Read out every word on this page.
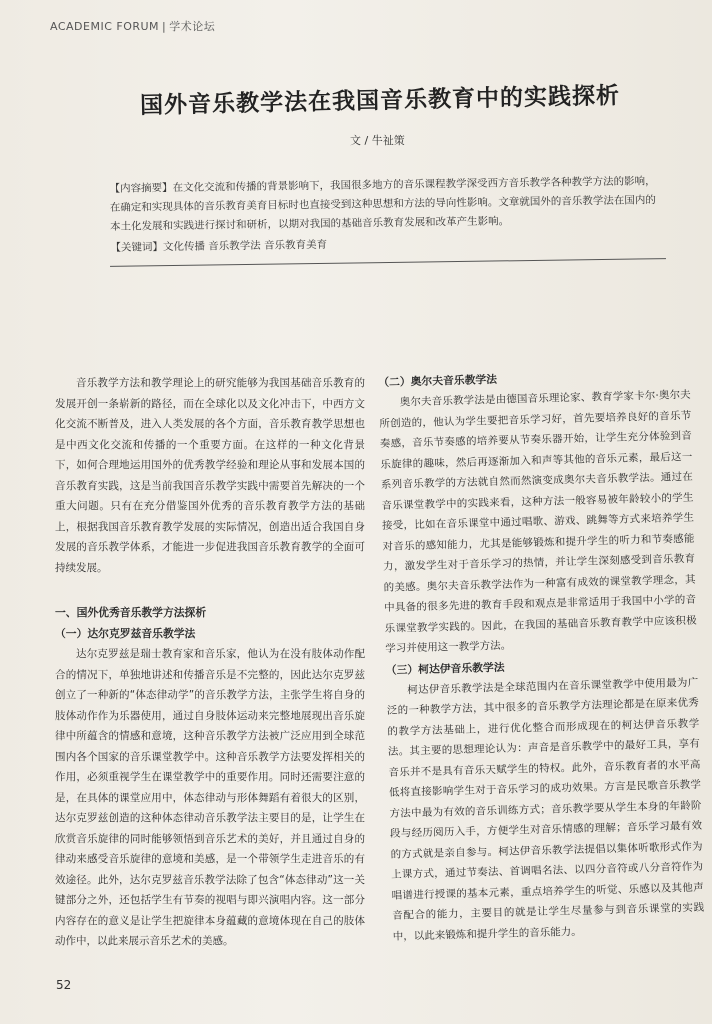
ACADEMIC FORUM | 学术论坛
国外音乐教学法在我国音乐教育中的实践探析
文 / 牛祉策
【内容摘要】在文化交流和传播的背景影响下，我国很多地方的音乐课程教学深受西方音乐教学各种教学方法的影响，在确定和实现具体的音乐教育美育目标时也直接受到这种思想和方法的导向性影响。文章就国外的音乐教学法在国内的本土化发展和实践进行探讨和研析，以期对我国的基础音乐教育发展和改革产生影响。
【关键词】文化传播 音乐教学法 音乐教育美育

音乐教学方法和教学理论上的研究能够为我国基础音乐教育的发展开创一条崭新的路径，而在全球化以及文化冲击下，中西方文化交流不断普及，进入人类发展的各个方面，音乐教育教学思想也是中西文化交流和传播的一个重要方面。在这样的一种文化背景下，如何合理地运用国外的优秀教学经验和理论从事和发展本国的音乐教育实践，这是当前我国音乐教学实践中需要首先解决的一个重大问题。只有在充分借鉴国外优秀的音乐教育教学方法的基础上，根据我国音乐教育教学发展的实际情况，创造出适合我国自身发展的音乐教学体系，才能进一步促进我国音乐教育教学的全面可持续发展。

一、国外优秀音乐教学方法探析
（一）达尔克罗兹音乐教学法

达尔克罗兹是瑞士教育家和音乐家，他认为在没有肢体动作配合的情况下，单独地讲述和传播音乐是不完整的，因此达尔克罗兹创立了一种新的“体态律动学”的音乐教学方法，主张学生将自身的肢体动作作为乐器使用，通过自身肢体运动来完整地展现出音乐旋律中所蕴含的情感和意境，这种音乐教学方法被广泛应用到全球范围内各个国家的音乐课堂教学中。这种音乐教学方法要发挥相关的作用，必须重视学生在课堂教学中的重要作用。同时还需要注意的是，在具体的课堂应用中，体态律动与形体舞蹈有着很大的区别，达尔克罗兹创造的这种体态律动音乐教学法主要目的是，让学生在欣赏音乐旋律的同时能够领悟到音乐艺术的美好，并且通过自身的律动来感受音乐旋律的意境和美感，是一个带领学生走进音乐的有效途径。此外，达尔克罗兹音乐教学法除了包含“体态律动”这一关键部分之外，还包括学生有节奏的视唱与即兴演唱内容。这一部分内容存在的意义是让学生把旋律本身蕴藏的意境体现在自己的肢体动作中，以此来展示音乐艺术的美感。

（二）奥尔夫音乐教学法

奥尔夫音乐教学法是由德国音乐理论家、教育学家卡尔·奥尔夫所创造的，他认为学生要把音乐学习好，首先要培养良好的音乐节奏感，音乐节奏感的培养要从节奏乐器开始，让学生充分体验到音乐旋律的趣味，然后再逐渐加入和声等其他的音乐元素，最后这一系列音乐教学的方法就自然而然演变成奥尔夫音乐教学法。通过在音乐课堂教学中的实践来看，这种方法一般容易被年龄较小的学生接受，比如在音乐课堂中通过唱歌、游戏、跳舞等方式来培养学生对音乐的感知能力，尤其是能够锻炼和提升学生的听力和节奏感能力，激发学生对于音乐学习的热情，并让学生深刻感受到音乐教育的美感。奥尔夫音乐教学法作为一种富有成效的课堂教学理念，其中具备的很多先进的教育手段和观点是非常适用于我国中小学的音乐课堂教学实践的。因此，在我国的基础音乐教育教学中应该积极学习并使用这一教学方法。

（三）柯达伊音乐教学法

柯达伊音乐教学法是全球范围内在音乐课堂教学中使用最为广泛的一种教学方法，其中很多的音乐教学方法理论都是在原来优秀的教学方法基础上，进行优化整合而形成现在的柯达伊音乐教学法。其主要的思想理论认为：声音是音乐教学中的最好工具，享有音乐并不是具有音乐天赋学生的特权。此外，音乐教育者的水平高低将直接影响学生对于音乐学习的成功效果。方言是民歌音乐教学方法中最为有效的音乐训练方式；音乐教学要从学生本身的年龄阶段与经历阅历入手，方便学生对音乐情感的理解；音乐学习最有效的方式就是亲自参与。柯达伊音乐教学法提倡以集体听歌形式作为上课方式，通过节奏法、首调唱名法、以四分音符或八分音符作为唱谱进行授课的基本元素，重点培养学生的听觉、乐感以及其他声音配合的能力，主要目的就是让学生尽量参与到音乐课堂的实践中，以此来锻炼和提升学生的音乐能力。

52
